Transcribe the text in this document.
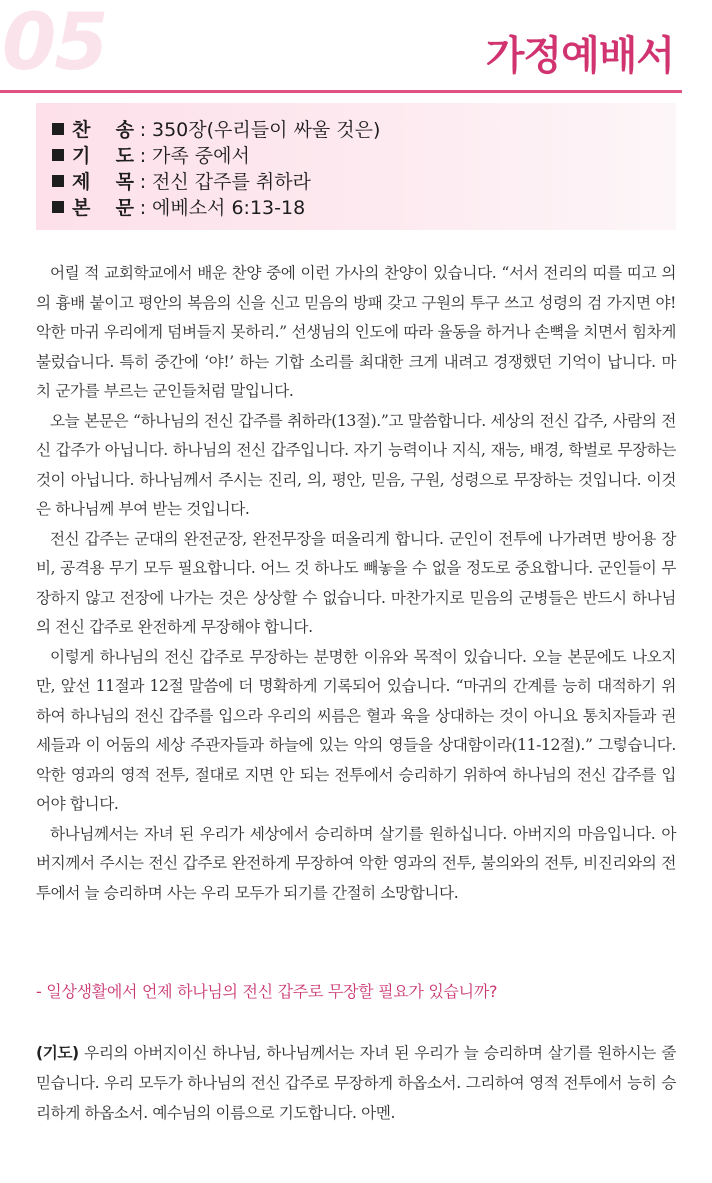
05	가정예배서
찬 송 : 350장(우리들이 싸울 것은)
기 도 : 가족 중에서
제 목 : 전신 갑주를 취하라
본 문 : 에베소서 6:13-18

어릴 적 교회학교에서 배운 찬양 중에 이런 가사의 찬양이 있습니다. “서서 전리의 띠를 띠고 의의 흉배 붙이고 평안의 복음의 신을 신고 믿음의 방패 갖고 구원의 투구 쓰고 성령의 검 가지면 야! 악한 마귀 우리에게 덤벼들지 못하리.” 선생님의 인도에 따라 율동을 하거나 손뼉을 치면서 힘차게 불렀습니다. 특히 중간에 ‘야!’ 하는 기합 소리를 최대한 크게 내려고 경쟁했던 기억이 납니다. 마치 군가를 부르는 군인들처럼 말입니다.

오늘 본문은 “하나님의 전신 갑주를 취하라(13절).”고 말씀합니다. 세상의 전신 갑주, 사람의 전신 갑주가 아닙니다. 하나님의 전신 갑주입니다. 자기 능력이나 지식, 재능, 배경, 학벌로 무장하는 것이 아닙니다. 하나님께서 주시는 진리, 의, 평안, 믿음, 구원, 성령으로 무장하는 것입니다. 이것은 하나님께 부여 받는 것입니다.

전신 갑주는 군대의 완전군장, 완전무장을 떠올리게 합니다. 군인이 전투에 나가려면 방어용 장비, 공격용 무기 모두 필요합니다. 어느 것 하나도 빼놓을 수 없을 정도로 중요합니다. 군인들이 무장하지 않고 전장에 나가는 것은 상상할 수 없습니다. 마찬가지로 믿음의 군병들은 반드시 하나님의 전신 갑주로 완전하게 무장해야 합니다.

이렇게 하나님의 전신 갑주로 무장하는 분명한 이유와 목적이 있습니다. 오늘 본문에도 나오지만, 앞선 11절과 12절 말씀에 더 명확하게 기록되어 있습니다. “마귀의 간계를 능히 대적하기 위하여 하나님의 전신 갑주를 입으라 우리의 씨름은 혈과 육을 상대하는 것이 아니요 통치자들과 권세들과 이 어둠의 세상 주관자들과 하늘에 있는 악의 영들을 상대함이라(11-12절).” 그렇습니다. 악한 영과의 영적 전투, 절대로 지면 안 되는 전투에서 승리하기 위하여 하나님의 전신 갑주를 입어야 합니다.

하나님께서는 자녀 된 우리가 세상에서 승리하며 살기를 원하십니다. 아버지의 마음입니다. 아버지께서 주시는 전신 갑주로 완전하게 무장하여 악한 영과의 전투, 불의와의 전투, 비진리와의 전투에서 늘 승리하며 사는 우리 모두가 되기를 간절히 소망합니다.

- 일상생활에서 언제 하나님의 전신 갑주로 무장할 필요가 있습니까?
(기도) 우리의 아버지이신 하나님, 하나님께서는 자녀 된 우리가 늘 승리하며 살기를 원하시는 줄 믿습니다. 우리 모두가 하나님의 전신 갑주로 무장하게 하옵소서. 그리하여 영적 전투에서 능히 승리하게 하옵소서. 예수님의 이름으로 기도합니다. 아멘.
